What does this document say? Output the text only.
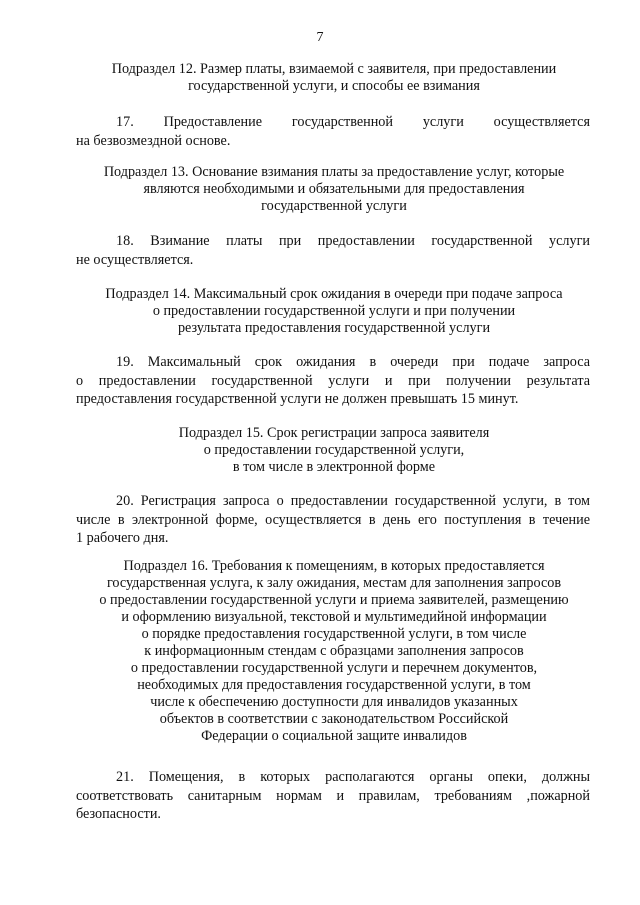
7
Подраздел 12. Размер платы, взимаемой с заявителя, при предоставлении
государственной услуги, и способы ее взимания
17. Предоставление государственной услуги осуществляется
на безвозмездной основе.
Подраздел 13. Основание взимания платы за предоставление услуг, которые
являются необходимыми и обязательными для предоставления
государственной услуги
18. Взимание платы при предоставлении государственной услуги
не осуществляется.
Подраздел 14. Максимальный срок ожидания в очереди при подаче запроса
о предоставлении государственной услуги и при получении
результата предоставления государственной услуги
19. Максимальный срок ожидания в очереди при подаче запроса
о предоставлении государственной услуги и при получении результата
предоставления государственной услуги не должен превышать 15 минут.
Подраздел 15. Срок регистрации запроса заявителя
о предоставлении государственной услуги,
в том числе в электронной форме
20. Регистрация запроса о предоставлении государственной услуги, в том
числе в электронной форме, осуществляется в день его поступления в течение
1 рабочего дня.
Подраздел 16. Требования к помещениям, в которых предоставляется
государственная услуга, к залу ожидания, местам для заполнения запросов
о предоставлении государственной услуги и приема заявителей, размещению
и оформлению визуальной, текстовой и мультимедийной информации
о порядке предоставления государственной услуги, в том числе
к информационным стендам с образцами заполнения запросов
о предоставлении государственной услуги и перечнем документов,
необходимых для предоставления государственной услуги, в том
числе к обеспечению доступности для инвалидов указанных
объектов в соответствии с законодательством Российской
Федерации о социальной защите инвалидов
21. Помещения, в которых располагаются органы опеки, должны
соответствовать санитарным нормам и правилам, требованиям ,пожарной
безопасности.
